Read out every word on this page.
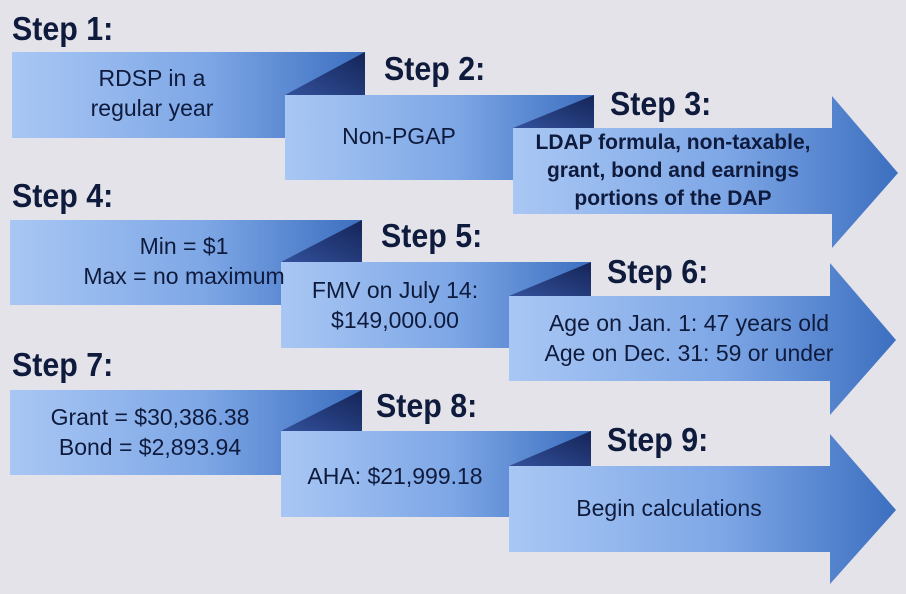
Step 1:
Step 2:
Step 3:
Step 4:
Step 5:
Step 6:
Step 7:
Step 8:
Step 9:
RDSP in a
regular year
Non-PGAP	LDAP formula, non-taxable,
grant, bond and earnings
portions of the DAP
Min = $1
Max = no maximum
FMV on July 14:
$149,000.00	Age on Jan. 1: 47 years old
Age on Dec. 31: 59 or under
Grant = $30,386.38
Bond = $2,893.94
AHA: $21,999.18
Begin calculations
